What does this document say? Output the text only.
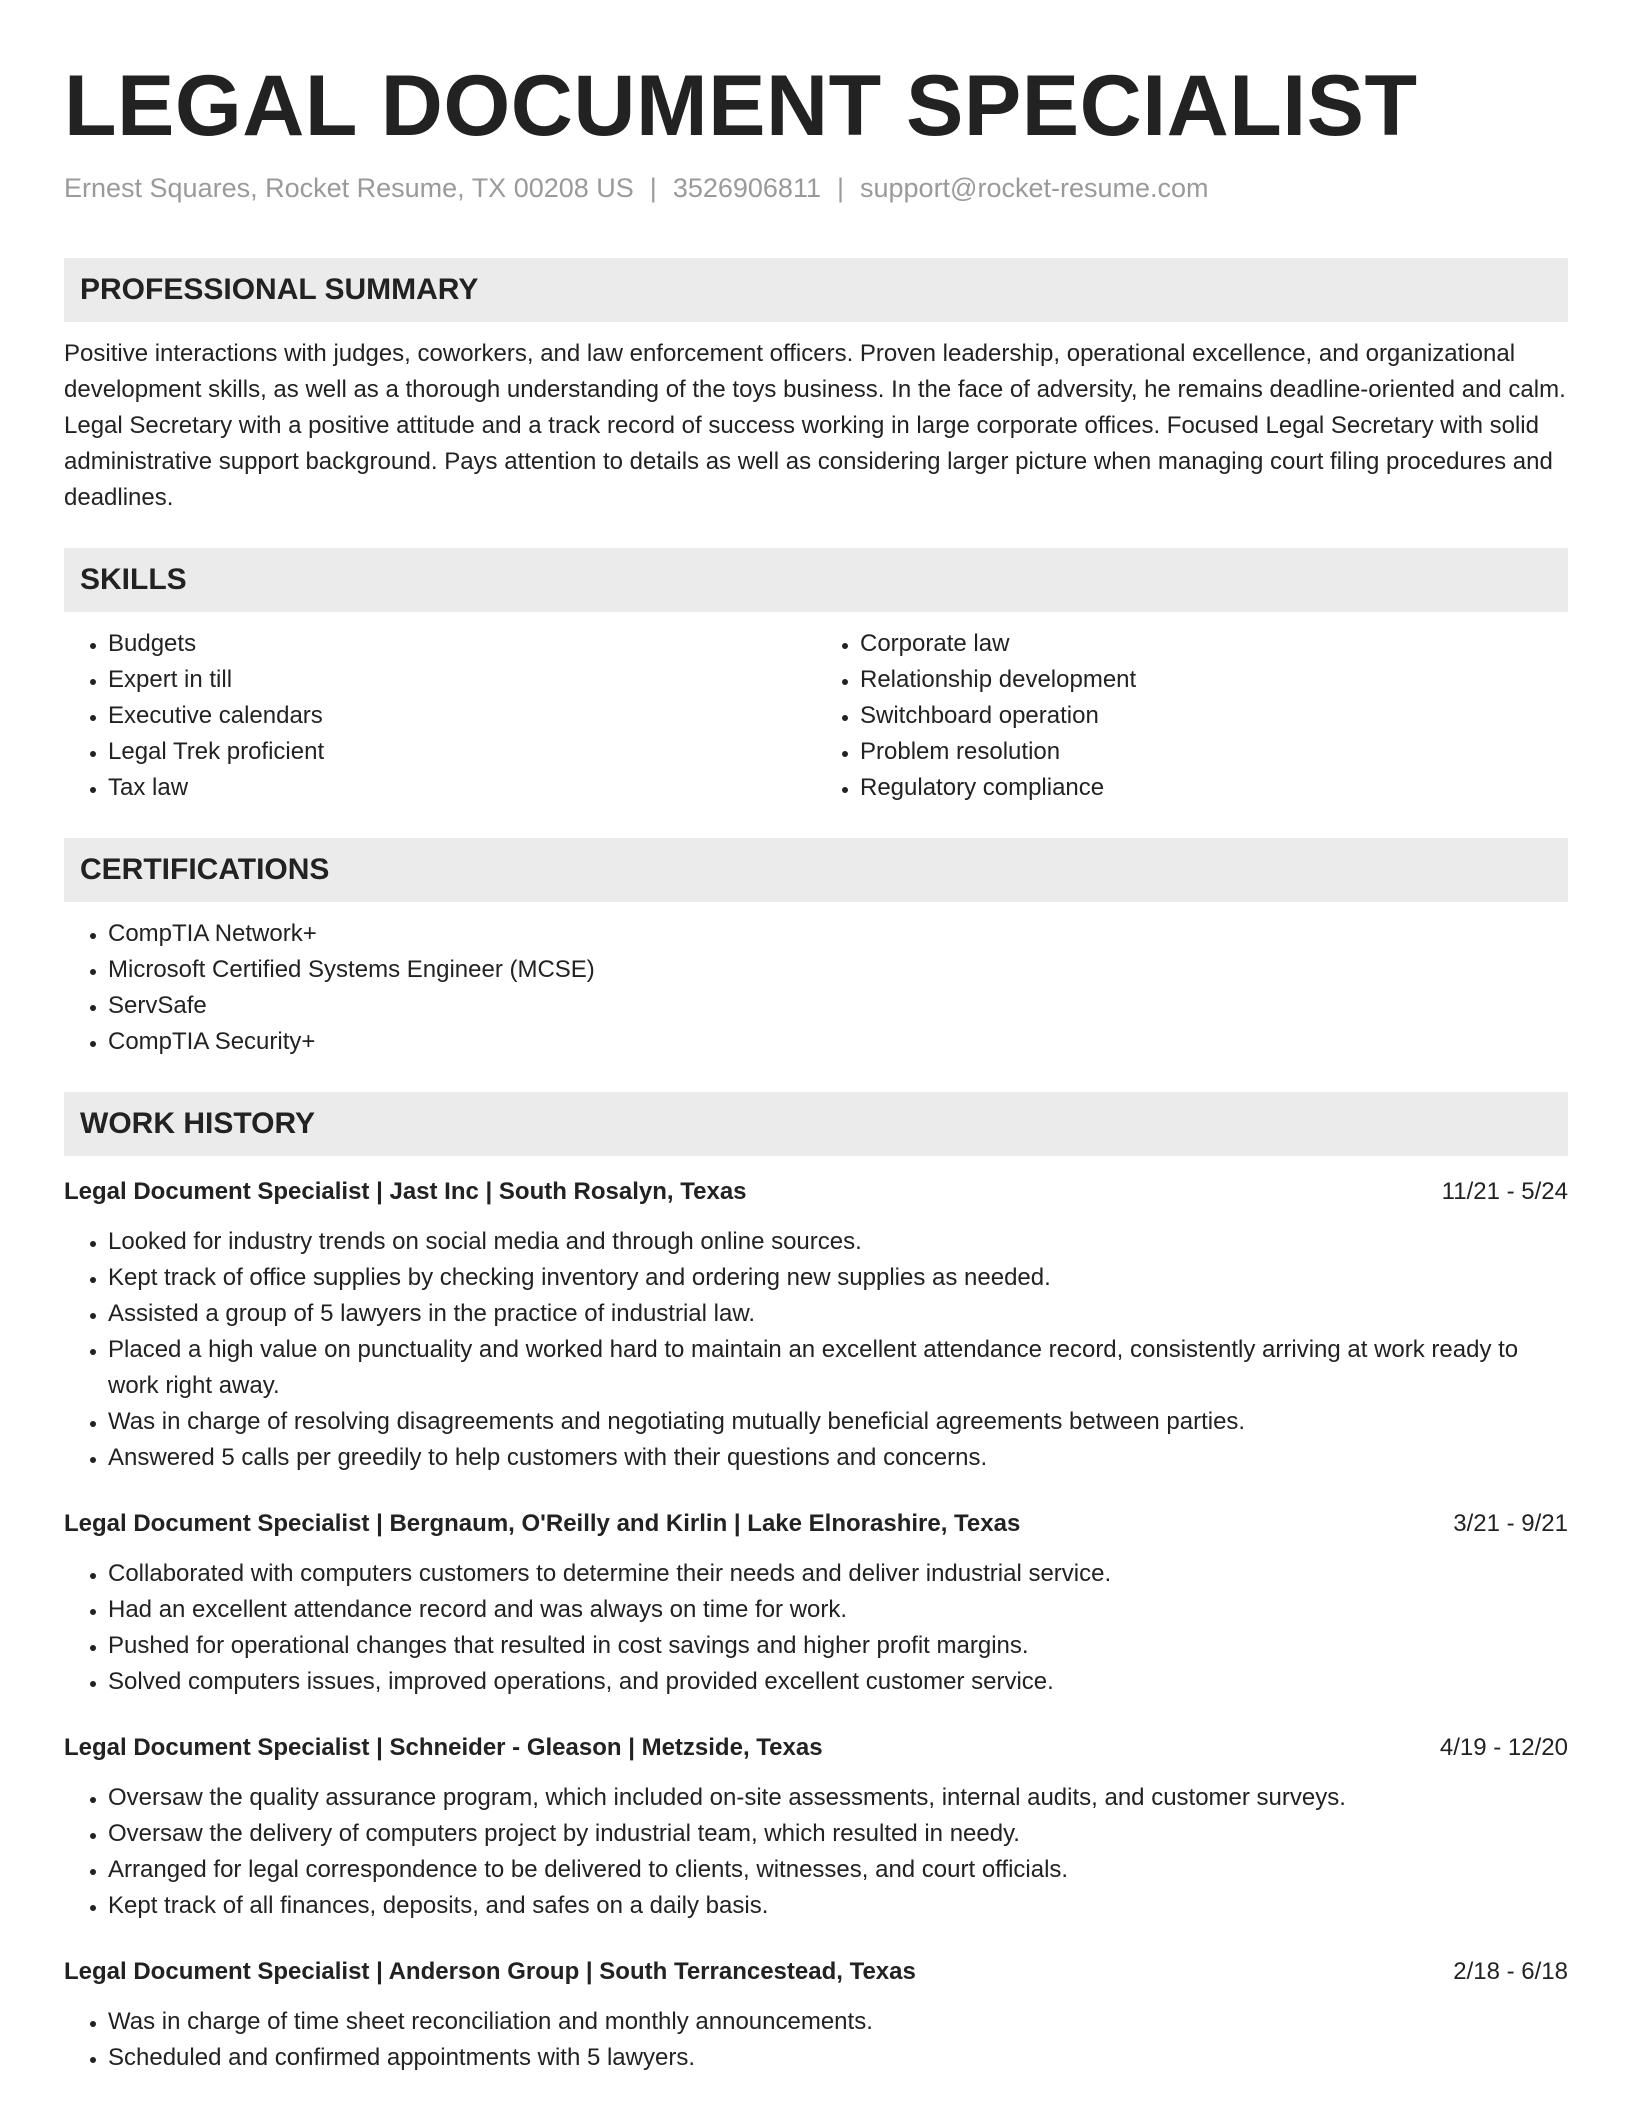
LEGAL DOCUMENT SPECIALIST
Ernest Squares, Rocket Resume, TX 00208 US | 3526906811 | support@rocket-resume.com
PROFESSIONAL SUMMARY
Positive interactions with judges, coworkers, and law enforcement officers. Proven leadership, operational excellence, and organizational development skills, as well as a thorough understanding of the toys business. In the face of adversity, he remains deadline-oriented and calm. Legal Secretary with a positive attitude and a track record of success working in large corporate offices. Focused Legal Secretary with solid administrative support background. Pays attention to details as well as considering larger picture when managing court filing procedures and deadlines.
SKILLS
• Budgets
• Expert in till
• Executive calendars
• Legal Trek proficient
• Tax law
• Corporate law
• Relationship development
• Switchboard operation
• Problem resolution
• Regulatory compliance
CERTIFICATIONS
• CompTIA Network+
• Microsoft Certified Systems Engineer (MCSE)
• ServSafe
• CompTIA Security+
WORK HISTORY
Legal Document Specialist | Jast Inc | South Rosalyn, Texas	11/21 - 5/24
• Looked for industry trends on social media and through online sources.
• Kept track of office supplies by checking inventory and ordering new supplies as needed.
• Assisted a group of 5 lawyers in the practice of industrial law.
• Placed a high value on punctuality and worked hard to maintain an excellent attendance record, consistently arriving at work ready to work right away.
• Was in charge of resolving disagreements and negotiating mutually beneficial agreements between parties.
• Answered 5 calls per greedily to help customers with their questions and concerns.
Legal Document Specialist | Bergnaum, O'Reilly and Kirlin | Lake Elnorashire, Texas	3/21 - 9/21
• Collaborated with computers customers to determine their needs and deliver industrial service.
• Had an excellent attendance record and was always on time for work.
• Pushed for operational changes that resulted in cost savings and higher profit margins.
• Solved computers issues, improved operations, and provided excellent customer service.
Legal Document Specialist | Schneider - Gleason | Metzside, Texas	4/19 - 12/20
• Oversaw the quality assurance program, which included on-site assessments, internal audits, and customer surveys.
• Oversaw the delivery of computers project by industrial team, which resulted in needy.
• Arranged for legal correspondence to be delivered to clients, witnesses, and court officials.
• Kept track of all finances, deposits, and safes on a daily basis.
Legal Document Specialist | Anderson Group | South Terrancestead, Texas	2/18 - 6/18
• Was in charge of time sheet reconciliation and monthly announcements.
• Scheduled and confirmed appointments with 5 lawyers.
